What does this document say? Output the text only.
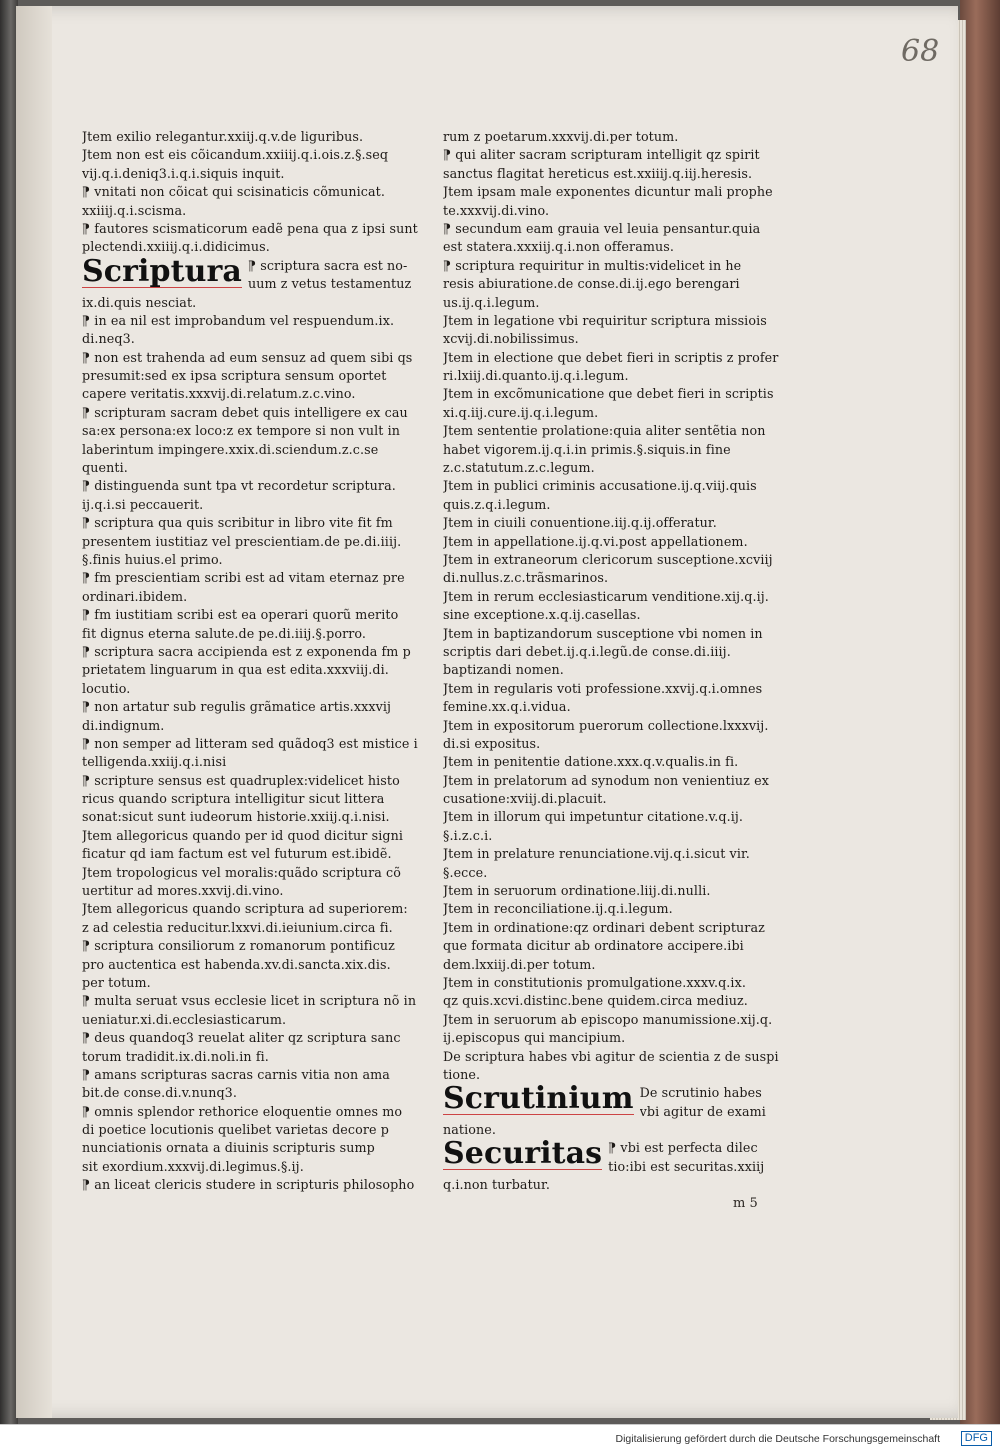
Jtem exilio relegantur.xxiij.q.v.de liguribus.
Jtem non est eis cõicandum.xxiiij.q.i.ois.z.§.seq
vij.q.i.deniq3.i.q.i.siquis inquit.
⁋ vnitati non cõicat qui scisinaticis cõmunicat.
xxiiij.q.i.scisma.
⁋ fautores scismaticorum eadẽ pena qua z ipsi sunt
plectendi.xxiiij.q.i.didicimus.
Scriptura ⁋ scriptura sacra est no-
uum z vetus testamentuz
ix.di.quis nesciat.
⁋ in ea nil est improbandum vel respuendum.ix.
di.neq3.
⁋ non est trahenda ad eum sensuz ad quem sibi qs
presumit:sed ex ipsa scriptura sensum oportet
capere veritatis.xxxvij.di.relatum.z.c.vino.
⁋ scripturam sacram debet quis intelligere ex cau
sa:ex persona:ex loco:z ex tempore si non vult in
laberintum impingere.xxix.di.sciendum.z.c.se
quenti.
⁋ distinguenda sunt tpa vt recordetur scriptura.
ij.q.i.si peccauerit.
⁋ scriptura qua quis scribitur in libro vite fit fm
presentem iustitiaz vel prescientiam.de pe.di.iiij.
§.finis huius.el primo.
⁋ fm prescientiam scribi est ad vitam eternaz pre
ordinari.ibidem.
⁋ fm iustitiam scribi est ea operari quorũ merito
fit dignus eterna salute.de pe.di.iiij.§.porro.
⁋ scriptura sacra accipienda est z exponenda fm p
prietatem linguarum in qua est edita.xxxviij.di.
locutio.
⁋ non artatur sub regulis grãmatice artis.xxxvij
di.indignum.
⁋ non semper ad litteram sed quãdoq3 est mistice i
telligenda.xxiij.q.i.nisi
⁋ scripture sensus est quadruplex:videlicet histo
ricus quando scriptura intelligitur sicut littera
sonat:sicut sunt iudeorum historie.xxiij.q.i.nisi.
Jtem allegoricus quando per id quod dicitur signi
ficatur qd iam factum est vel futurum est.ibidẽ.
Jtem tropologicus vel moralis:quãdo scriptura cõ
uertitur ad mores.xxvij.di.vino.
Jtem allegoricus quando scriptura ad superiorem:
z ad celestia reducitur.lxxvi.di.ieiunium.circa fi.
⁋ scriptura consiliorum z romanorum pontificuz
pro auctentica est habenda.xv.di.sancta.xix.dis.
per totum.
⁋ multa seruat vsus ecclesie licet in scriptura nõ in
ueniatur.xi.di.ecclesiasticarum.
⁋ deus quandoq3 reuelat aliter qz scriptura sanc
torum tradidit.ix.di.noli.in fi.
⁋ amans scripturas sacras carnis vitia non ama
bit.de conse.di.v.nunq3.
⁋ omnis splendor rethorice eloquentie omnes mo
di poetice locutionis quelibet varietas decore p
nunciationis ornata a diuinis scripturis sump
sit exordium.xxxvij.di.legimus.§.ij.
⁋ an liceat clericis studere in scripturis philosopho
rum z poetarum.xxxvij.di.per totum.
⁋ qui aliter sacram scripturam intelligit qz spirit
sanctus flagitat hereticus est.xxiiij.q.iij.heresis.
Jtem ipsam male exponentes dicuntur mali prophe
te.xxxvij.di.vino.
⁋ secundum eam grauia vel leuia pensantur.quia
est statera.xxxiij.q.i.non offeramus.
⁋ scriptura requiritur in multis:videlicet in he
resis abiuratione.de conse.di.ij.ego berengari
us.ij.q.i.legum.
Jtem in legatione vbi requiritur scriptura missiois
xcvij.di.nobilissimus.
Jtem in electione que debet fieri in scriptis z profer
ri.lxiij.di.quanto.ij.q.i.legum.
Jtem in excõmunicatione que debet fieri in scriptis
xi.q.iij.cure.ij.q.i.legum.
Jtem sententie prolatione:quia aliter sentẽtia non
habet vigorem.ij.q.i.in primis.§.siquis.in fine
z.c.statutum.z.c.legum.
Jtem in publici criminis accusatione.ij.q.viij.quis
quis.z.q.i.legum.
Jtem in ciuili conuentione.iij.q.ij.offeratur.
Jtem in appellatione.ij.q.vi.post appellationem.
Jtem in extraneorum clericorum susceptione.xcviij
di.nullus.z.c.trãsmarinos.
Jtem in rerum ecclesiasticarum venditione.xij.q.ij.
sine exceptione.x.q.ij.casellas.
Jtem in baptizandorum susceptione vbi nomen in
scriptis dari debet.ij.q.i.legũ.de conse.di.iiij.
baptizandi nomen.
Jtem in regularis voti professione.xxvij.q.i.omnes
femine.xx.q.i.vidua.
Jtem in expositorum puerorum collectione.lxxxvij.
di.si expositus.
Jtem in penitentie datione.xxx.q.v.qualis.in fi.
Jtem in prelatorum ad synodum non venientiuz ex
cusatione:xviij.di.placuit.
Jtem in illorum qui impetuntur citatione.v.q.ij.
§.i.z.c.i.
Jtem in prelature renunciatione.vij.q.i.sicut vir.
§.ecce.
Jtem in seruorum ordinatione.liij.di.nulli.
Jtem in reconciliatione.ij.q.i.legum.
Jtem in ordinatione:qz ordinari debent scripturaz
que formata dicitur ab ordinatore accipere.ibi
dem.lxxiij.di.per totum.
Jtem in constitutionis promulgatione.xxxv.q.ix.
qz quis.xcvi.distinc.bene quidem.circa mediuz.
Jtem in seruorum ab episcopo manumissione.xij.q.
ij.episcopus qui mancipium.
De scriptura habes vbi agitur de scientia z de suspi
tione.
Scrutinium De scrutinio habes
vbi agitur de exami
natione.
Securitas ⁋ vbi est perfecta dilec
tio:ibi est securitas.xxiij
q.i.non turbatur.
68
m 5
Digitalisierung gefördert durch die Deutsche Forschungsgemeinschaft	DFG
